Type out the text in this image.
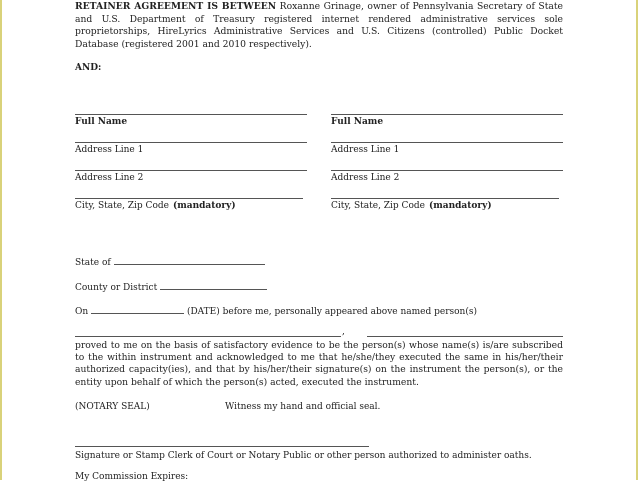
RETAINER AGREEMENT IS BETWEEN Roxanne Grinage, owner of Pennsylvania Secretary of State and U.S. Department of Treasury registered internet rendered administrative services sole proprietorships, HireLyrics Administrative Services and U.S. Citizens (controlled) Public Docket Database (registered 2001 and 2010 respectively).

AND:
Full Name
Address Line 1
Address Line 2
City, State, Zip Code (mandatory)
Full Name
Address Line 1
Address Line 2
City, State, Zip Code (mandatory)
State of
County or District
On	(DATE) before me, personally appeared above named person(s)
,
proved to me on the basis of satisfactory evidence to be the person(s) whose name(s) is/are subscribed to the within instrument and acknowledged to me that he/she/they executed the same in his/her/their authorized capacity(ies), and that by his/her/their signature(s) on the instrument the person(s), or the entity upon behalf of which the person(s) acted, executed the instrument.
(NOTARY SEAL)	Witness my hand and official seal.
Signature or Stamp Clerk of Court or Notary Public or other person authorized to administer oaths.
My Commission Expires:
